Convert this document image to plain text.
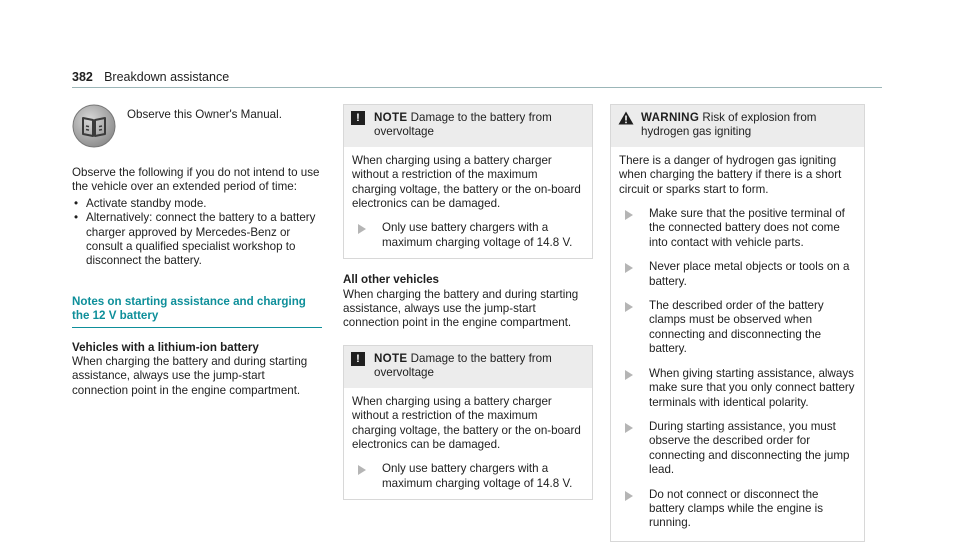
382 Breakdown assistance

Observe this Owner's Manual.

Observe the following if you do not intend to use the vehicle over an extended period of time:

• Activate standby mode.
• Alternatively: connect the battery to a battery charger approved by Mercedes-Benz or consult a qualified specialist workshop to disconnect the battery.
Notes on starting assistance and charging the 12 V battery
Vehicles with a lithium-ion battery

When charging the battery and during starting assistance, always use the jump-start connection point in the engine compartment.

!	NOTE Damage to the battery from overvoltage

When charging using a battery charger without a restriction of the maximum charging voltage, the battery or the on-board electronics can be damaged.

Only use battery chargers with a maximum charging voltage of 14.8 V.
All other vehicles

When charging the battery and during starting assistance, always use the jump-start connection point in the engine compartment.

!	NOTE Damage to the battery from overvoltage

When charging using a battery charger without a restriction of the maximum charging voltage, the battery or the on-board electronics can be damaged.

Only use battery chargers with a maximum charging voltage of 14.8 V.
WARNING Risk of explosion from hydrogen gas igniting

There is a danger of hydrogen gas igniting when charging the battery if there is a short circuit or sparks start to form.

Make sure that the positive terminal of the connected battery does not come into contact with vehicle parts.
Never place metal objects or tools on a battery.
The described order of the battery clamps must be observed when connecting and disconnecting the battery.
When giving starting assistance, always make sure that you only connect battery terminals with identical polarity.
During starting assistance, you must observe the described order for connecting and disconnecting the jump lead.
Do not connect or disconnect the battery clamps while the engine is running.
